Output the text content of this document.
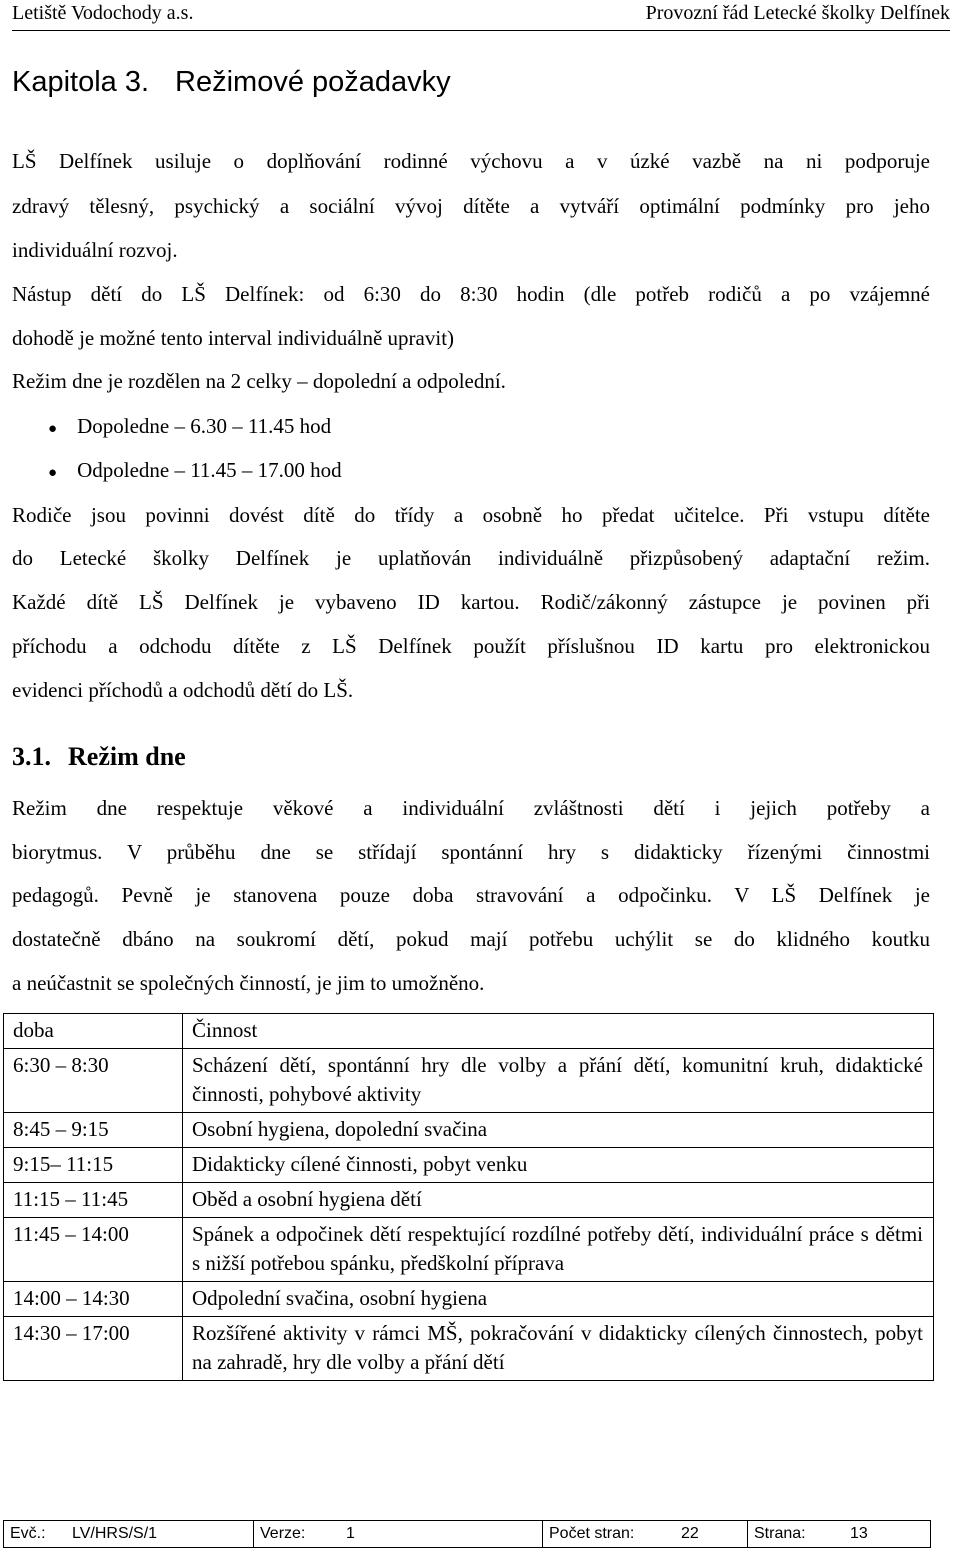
Letiště Vodochody a.s.	Provozní řád Letecké školky Delfínek
Kapitola 3. Režimové požadavky
LŠ Delfínek usiluje o doplňování rodinné výchovu a v úzké vazbě na ni podporuje
zdravý tělesný, psychický a sociální vývoj dítěte a vytváří optimální podmínky pro jeho
individuální rozvoj.
Nástup dětí do LŠ Delfínek: od 6:30 do 8:30 hodin (dle potřeb rodičů a po vzájemné
dohodě je možné tento interval individuálně upravit)
Režim dne je rozdělen na 2 celky – dopolední a odpolední.
● Dopoledne – 6.30 – 11.45 hod
● Odpoledne – 11.45 – 17.00 hod
Rodiče jsou povinni dovést dítě do třídy a osobně ho předat učitelce. Při vstupu dítěte
do Letecké školky Delfínek je uplatňován individuálně přizpůsobený adaptační režim.
Každé dítě LŠ Delfínek je vybaveno ID kartou. Rodič/zákonný zástupce je povinen při
příchodu a odchodu dítěte z LŠ Delfínek použít příslušnou ID kartu pro elektronickou
evidenci příchodů a odchodů dětí do LŠ.
3.1. Režim dne
Režim dne respektuje věkové a individuální zvláštnosti dětí i jejich potřeby a
biorytmus. V průběhu dne se střídají spontánní hry s didakticky řízenými činnostmi
pedagogů. Pevně je stanovena pouze doba stravování a odpočinku. V LŠ Delfínek je
dostatečně dbáno na soukromí dětí, pokud mají potřebu uchýlit se do klidného koutku
a neúčastnit se společných činností, je jim to umožněno.
doba	Činnost
6:30 – 8:30	Scházení dětí, spontánní hry dle volby a přání dětí, komunitní kruh, didaktické činnosti, pohybové aktivity
8:45 – 9:15	Osobní hygiena, dopolední svačina
9:15– 11:15	Didakticky cílené činnosti, pobyt venku
11:15 – 11:45	Oběd a osobní hygiena dětí
11:45 – 14:00	Spánek a odpočinek dětí respektující rozdílné potřeby dětí, individuální práce s dětmi s nižší potřebou spánku, předškolní příprava
14:00 – 14:30	Odpolední svačina, osobní hygiena
14:30 – 17:00	Rozšířené aktivity v rámci MŠ, pokračování v didakticky cílených činnostech, pobyt na zahradě, hry dle volby a přání dětí
Evč.: LV/HRS/S/1	Verze:	1	Počet stran:	22	Strana:	13
